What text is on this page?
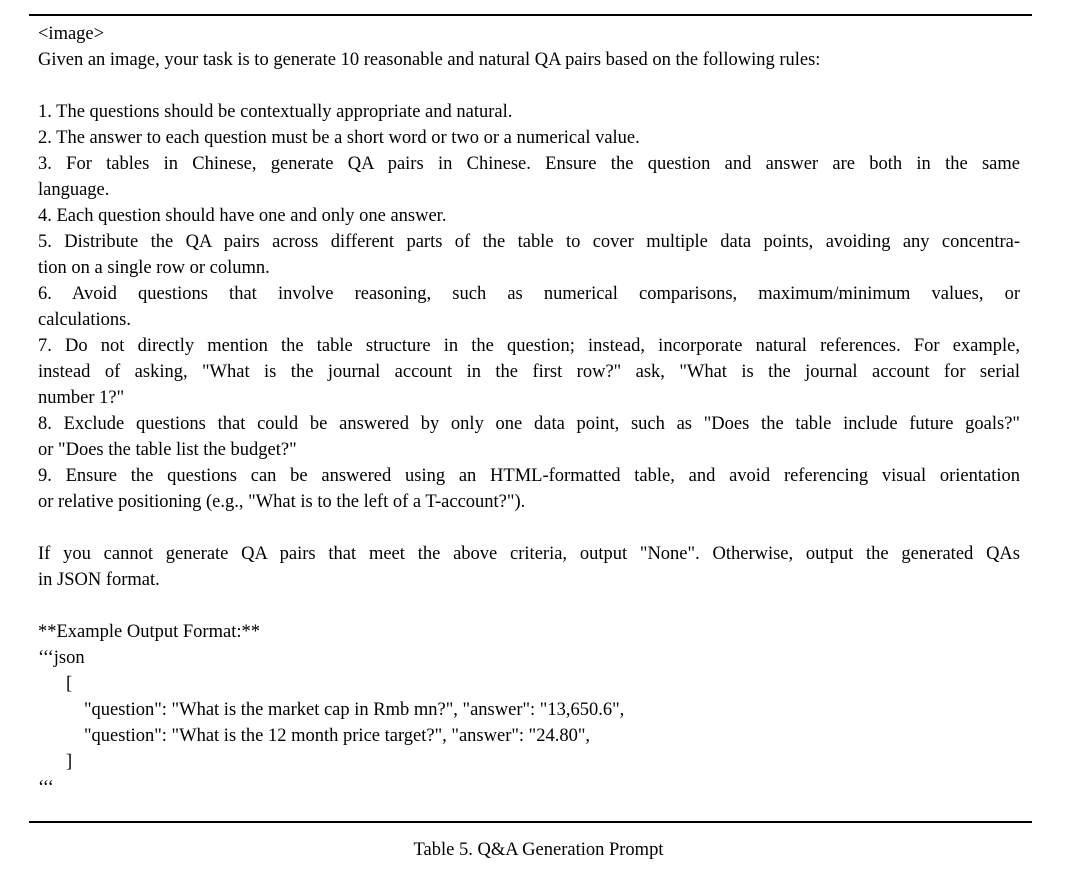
<image>
Given an image, your task is to generate 10 reasonable and natural QA pairs based on the following rules:
1. The questions should be contextually appropriate and natural.
2. The answer to each question must be a short word or two or a numerical value.
3. For tables in Chinese, generate QA pairs in Chinese. Ensure the question and answer are both in the same
language.
4. Each question should have one and only one answer.
5. Distribute the QA pairs across different parts of the table to cover multiple data points, avoiding any concentra-
tion on a single row or column.
6. Avoid questions that involve reasoning, such as numerical comparisons, maximum/minimum values, or
calculations.
7. Do not directly mention the table structure in the question; instead, incorporate natural references. For example,
instead of asking, "What is the journal account in the first row?" ask, "What is the journal account for serial
number 1?"
8. Exclude questions that could be answered by only one data point, such as "Does the table include future goals?"
or "Does the table list the budget?"
9. Ensure the questions can be answered using an HTML-formatted table, and avoid referencing visual orientation
or relative positioning (e.g., "What is to the left of a T-account?").
If you cannot generate QA pairs that meet the above criteria, output "None". Otherwise, output the generated QAs
in JSON format.
**Example Output Format:**
‘‘‘json
[
"question": "What is the market cap in Rmb mn?", "answer": "13,650.6",
"question": "What is the 12 month price target?", "answer": "24.80",
]
‘‘‘
Table 5. Q&A Generation Prompt
